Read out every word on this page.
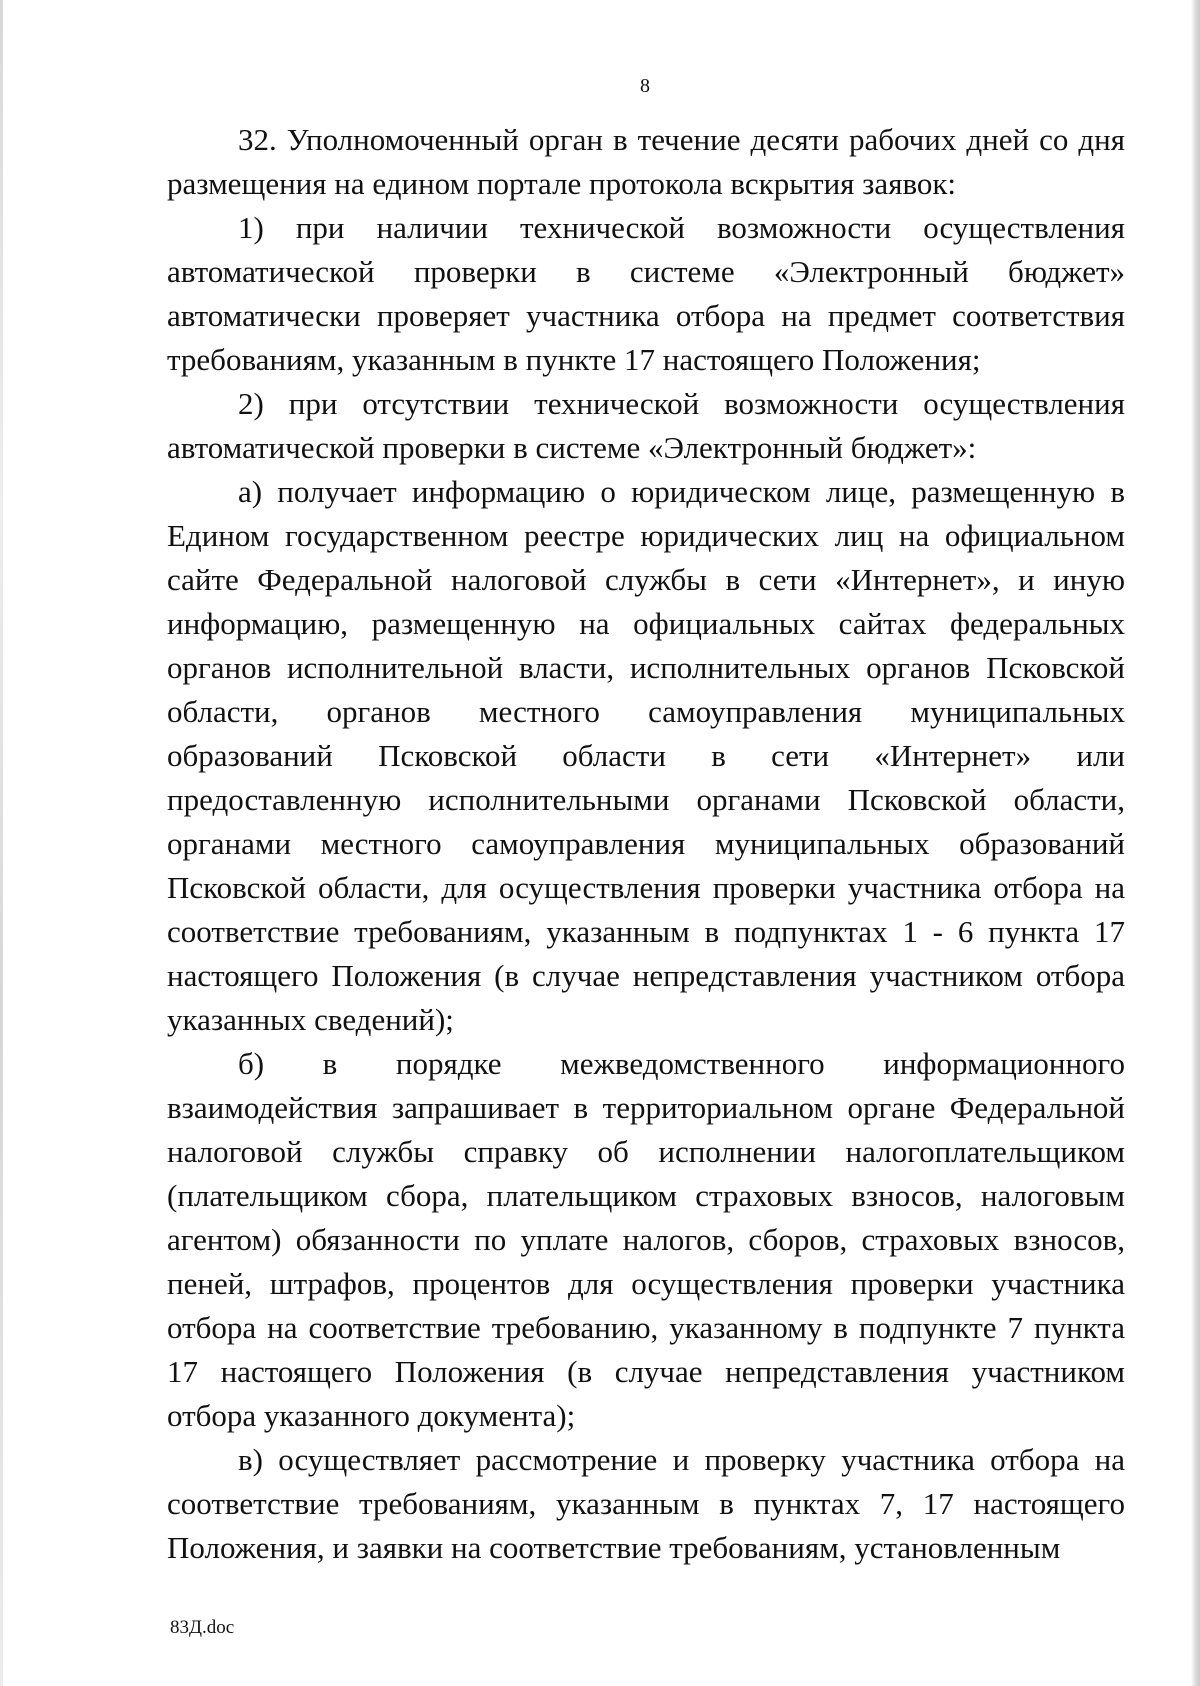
8

32. Уполномоченный орган в течение десяти рабочих дней со дня размещения на едином портале протокола вскрытия заявок:

1) при наличии технической возможности осуществления автоматической проверки в системе «Электронный бюджет» автоматически проверяет участника отбора на предмет соответствия требованиям, указанным в пункте 17 настоящего Положения;

2) при отсутствии технической возможности осуществления автоматической проверки в системе «Электронный бюджет»:

а) получает информацию о юридическом лице, размещенную в Едином государственном реестре юридических лиц на официальном сайте Федеральной налоговой службы в сети «Интернет», и иную информацию, размещенную на официальных сайтах федеральных органов исполнительной власти, исполнительных органов Псковской области, органов местного самоуправления муниципальных образований Псковской области в сети «Интернет» или предоставленную исполнительными органами Псковской области, органами местного самоуправления муниципальных образований Псковской области, для осуществления проверки участника отбора на соответствие требованиям, указанным в подпунктах 1 - 6 пункта 17 настоящего Положения (в случае непредставления участником отбора указанных сведений);

б) в порядке межведомственного информационного взаимодействия запрашивает в территориальном органе Федеральной налоговой службы справку об исполнении налогоплательщиком (плательщиком сбора, плательщиком страховых взносов, налоговым агентом) обязанности по уплате налогов, сборов, страховых взносов, пеней, штрафов, процентов для осуществления проверки участника отбора на соответствие требованию, указанному в подпункте 7 пункта 17 настоящего Положения (в случае непредставления участником отбора указанного документа);

в) осуществляет рассмотрение и проверку участника отбора на соответствие требованиям, указанным в пунктах 7, 17 настоящего Положения, и заявки на соответствие требованиям, установленным

83Д.doc
